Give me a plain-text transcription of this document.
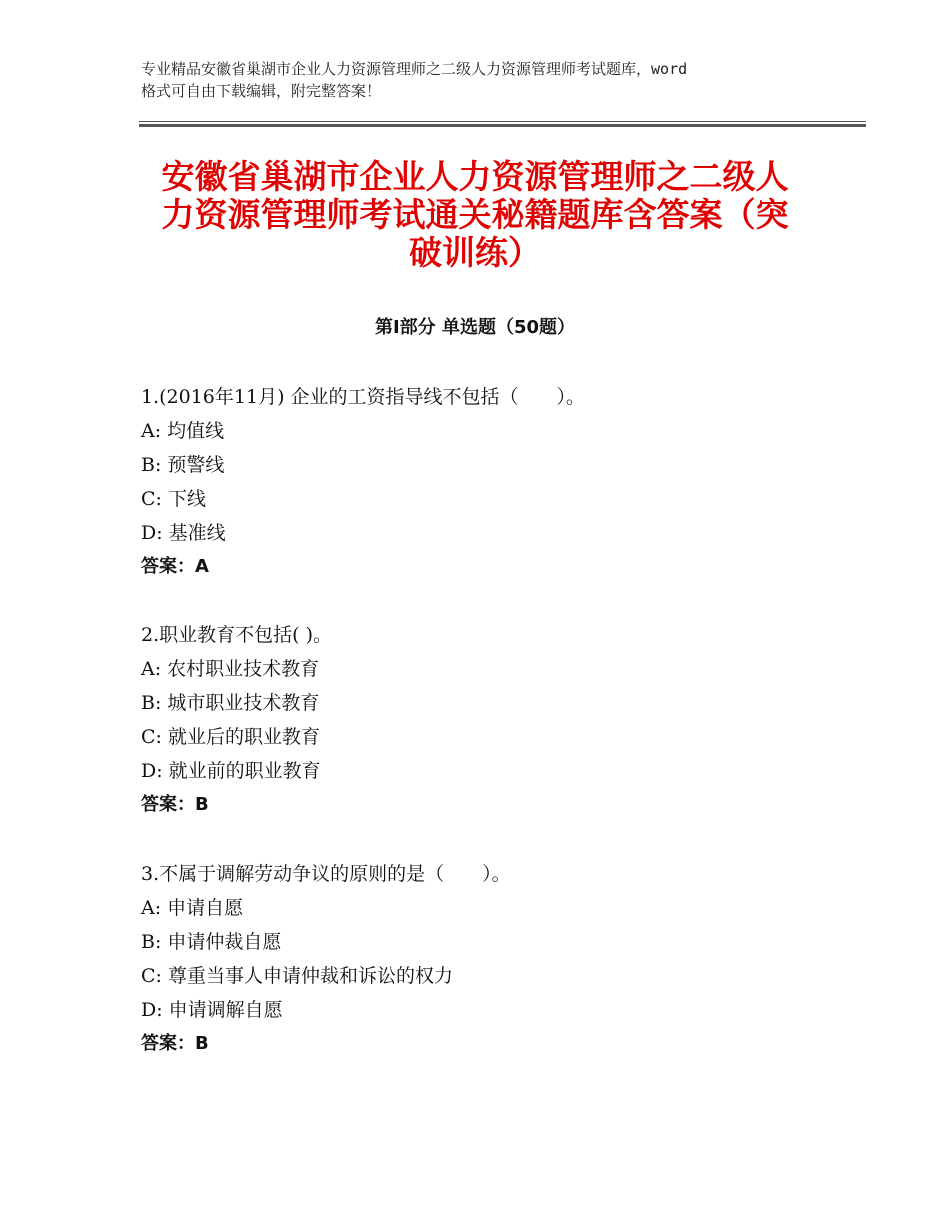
专业精品安徽省巢湖市企业人力资源管理师之二级人力资源管理师考试题库，word
格式可自由下载编辑，附完整答案！
安徽省巢湖市企业人力资源管理师之二级人
力资源管理师考试通关秘籍题库含答案（突
破训练）
第Ⅰ部分 单选题（50题）
1.(2016年11月) 企业的工资指导线不包括（　　）。
A: 均值线
B: 预警线
C: 下线
D: 基准线
答案：A
2.职业教育不包括( )。
A: 农村职业技术教育
B: 城市职业技术教育
C: 就业后的职业教育
D: 就业前的职业教育
答案：B
3.不属于调解劳动争议的原则的是（　　）。
A: 申请自愿
B: 申请仲裁自愿
C: 尊重当事人申请仲裁和诉讼的权力
D: 申请调解自愿
答案：B
